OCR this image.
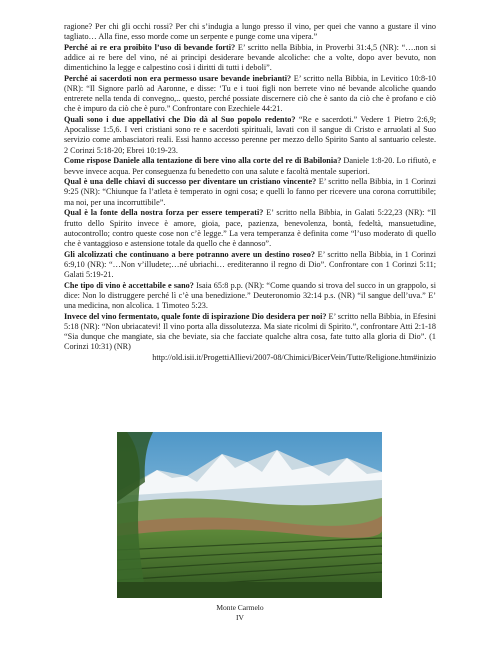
ragione? Per chi gli occhi rossi? Per chi s’indugia a lungo presso il vino, per quei che vanno a gustare il vino tagliato… Alla fine, esso morde come un serpente e punge come una vipera.”

Perché ai re era proibito l’uso di bevande forti? E’ scritto nella Bibbia, in Proverbi 31:4,5 (NR): “….non si addice ai re bere del vino, né ai principi desiderare bevande alcoliche: che a volte, dopo aver bevuto, non dimentichino la legge e calpestino così i diritti di tutti i deboli”.

Perché ai sacerdoti non era permesso usare bevande inebrianti? E’ scritto nella Bibbia, in Levitico 10:8-10 (NR): “Il Signore parlò ad Aaronne, e disse: ‘Tu e i tuoi figli non berrete vino né bevande alcoliche quando entrerete nella tenda di convegno,.. questo, perché possiate discernere ciò che è santo da ciò che è profano e ciò che è impuro da ciò che è puro.” Confrontare con Ezechiele 44:21.

Quali sono i due appellativi che Dio dà al Suo popolo redento? “Re e sacerdoti.” Vedere 1 Pietro 2:6,9; Apocalisse 1:5,6. I veri cristiani sono re e sacerdoti spirituali, lavati con il sangue di Cristo e arruolati al Suo servizio come ambasciatori reali. Essi hanno accesso perenne per mezzo dello Spirito Santo al santuario celeste. 2 Corinzi 5:18-20; Ebrei 10:19-23.

Come rispose Daniele alla tentazione di bere vino alla corte del re di Babilonia? Daniele 1:8-20. Lo rifiutò, e bevve invece acqua. Per conseguenza fu benedetto con una salute e facoltà mentale superiori.

Qual è una delle chiavi di successo per diventare un cristiano vincente? E’ scritto nella Bibbia, in 1 Corinzi 9:25 (NR): “Chiunque fa l’atleta è temperato in ogni cosa; e quelli lo fanno per ricevere una corona corruttibile; ma noi, per una incorruttibile”.

Qual è la fonte della nostra forza per essere temperati? E’ scritto nella Bibbia, in Galati 5:22,23 (NR): “Il frutto dello Spirito invece è amore, gioia, pace, pazienza, benevolenza, bontà, fedeltà, mansuetudine, autocontrollo; contro queste cose non c’è legge.” La vera temperanza è definita come “l’uso moderato di quello che è vantaggioso e astensione totale da quello che è dannoso”.

Gli alcolizzati che continuano a bere potranno avere un destino roseo? E’ scritto nella Bibbia, in 1 Corinzi 6:9,10 (NR): “…Non v’illudete;…né ubriachi… erediteranno il regno di Dio”. Confrontare con 1 Corinzi 5:11; Galati 5:19-21.

Che tipo di vino è accettabile e sano? Isaia 65:8 p.p. (NR): “Come quando si trova del succo in un grappolo, si dice: Non lo distruggere perché lì c’è una benedizione.” Deuteronomio 32:14 p.s. (NR) “il sangue dell’uva.” E’ una medicina, non alcolica. 1 Timoteo 5:23.

Invece del vino fermentato, quale fonte di ispirazione Dio desidera per noi? E’ scritto nella Bibbia, in Efesini 5:18 (NR): “Non ubriacatevi! Il vino porta alla dissolutezza. Ma siate ricolmi di Spirito.”, confrontare Atti 2:1-18 “Sia dunque che mangiate, sia che beviate, sia che facciate qualche altra cosa, fate tutto alla gloria di Dio”. (1 Corinzi 10:31) (NR)

http://old.isii.it/ProgettiAllievi/2007-08/Chimici/BicerVein/Tutte/Religione.htm#inizio

Monte Carmelo
IV
